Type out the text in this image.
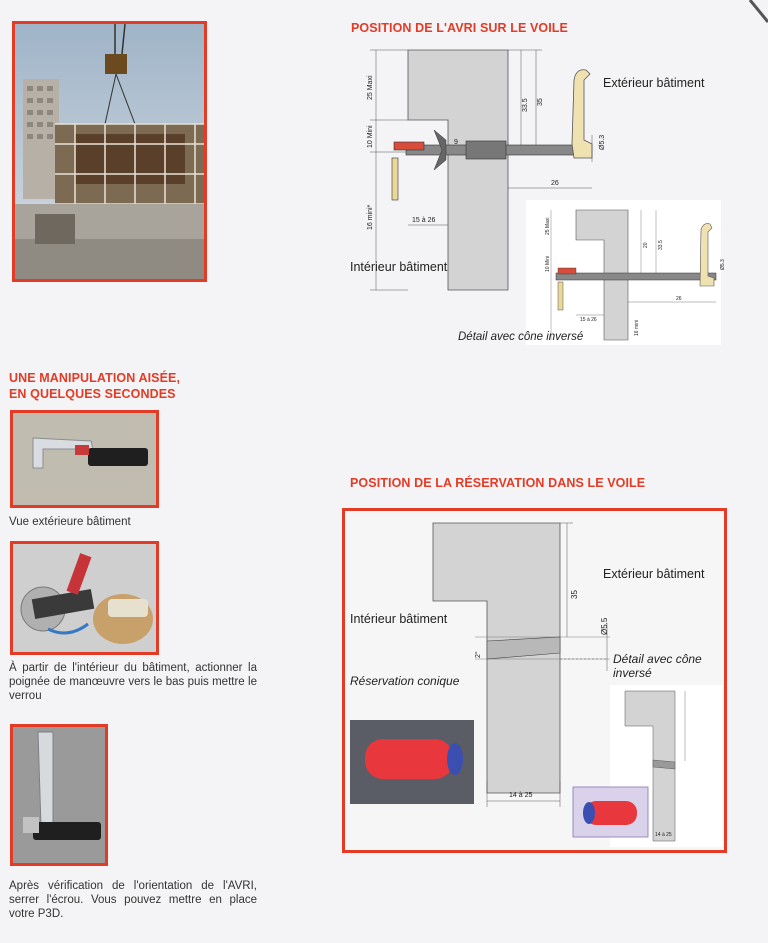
UNE MANIPULATION AISÉE,
EN QUELQUES SECONDES
Vue extérieure bâtiment
À partir de l'intérieur du bâtiment, actionner la poignée de manœuvre vers le bas puis mettre le verrou
Après vérification de l'orientation de l'AVRI, serrer l'écrou. Vous pouvez mettre en place votre P3D.
POSITION DE L'AVRI SUR LE VOILE
25 Maxi
10 Mini
16 mini*	15 à 26
33.5 35
9	Ø5.3
26
25 Maxi
10 Mini
20 33.5
Ø5.3
26
15 à 26	16 mini
Extérieur bâtiment
Intérieur bâtiment
Détail avec cône inversé
POSITION DE LA RÉSERVATION DANS LE VOILE
35
Ø5.5
2°
14 à 25
14 à 25
Extérieur bâtiment
Intérieur bâtiment
Détail avec cône inversé
Réservation conique
